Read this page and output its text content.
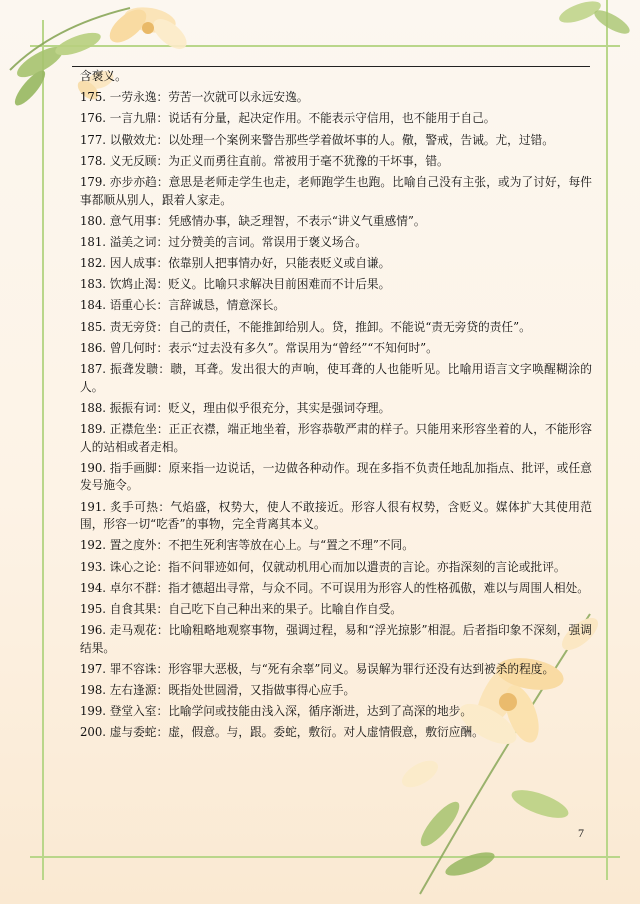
含褒义。
175. 一劳永逸：劳苦一次就可以永远安逸。
176. 一言九鼎：说话有分量，起决定作用。不能表示守信用，也不能用于自己。
177. 以儆效尤：以处理一个案例来警告那些学着做坏事的人。儆，警戒，告诫。尤，过错。
178. 义无反顾：为正义而勇往直前。常被用于毫不犹豫的干坏事，错。
179. 亦步亦趋：意思是老师走学生也走，老师跑学生也跑。比喻自己没有主张，或为了讨好，每件事都顺从别人，跟着人家走。
180. 意气用事：凭感情办事，缺乏理智，不表示“讲义气重感情”。
181. 溢美之词：过分赞美的言词。常误用于褒义场合。
182. 因人成事：依靠别人把事情办好，只能表贬义或自谦。
183. 饮鸩止渴：贬义。比喻只求解决目前困难而不计后果。
184. 语重心长：言辞诚恳，情意深长。
185. 责无旁贷：自己的责任，不能推卸给别人。贷，推卸。不能说“责无旁贷的责任”。
186. 曾几何时：表示“过去没有多久”。常误用为“曾经”“不知何时”。
187. 振聋发聩：聩，耳聋。发出很大的声响，使耳聋的人也能听见。比喻用语言文字唤醒糊涂的人。
188. 振振有词：贬义，理由似乎很充分，其实是强词夺理。
189. 正襟危坐：正正衣襟，端正地坐着，形容恭敬严肃的样子。只能用来形容坐着的人，不能形容人的站相或者走相。
190. 指手画脚：原来指一边说话，一边做各种动作。现在多指不负责任地乱加指点、批评，或任意发号施令。
191. 炙手可热：气焰盛，权势大，使人不敢接近。形容人很有权势，含贬义。媒体扩大其使用范围，形容一切“吃香”的事物，完全背离其本义。
192. 置之度外：不把生死利害等放在心上。与“置之不理”不同。
193. 诛心之论：指不问罪迹如何，仅就动机用心而加以遣责的言论。亦指深刻的言论或批评。
194. 卓尔不群：指才德超出寻常，与众不同。不可误用为形容人的性格孤傲，难以与周围人相处。
195. 自食其果：自己吃下自己种出来的果子。比喻自作自受。
196. 走马观花：比喻粗略地观察事物，强调过程，易和“浮光掠影”相混。后者指印象不深刻，强调结果。
197. 罪不容诛：形容罪大恶极，与“死有余辜”同义。易误解为罪行还没有达到被杀的程度。
198. 左右逢源：既指处世圆滑，又指做事得心应手。
199. 登堂入室：比喻学问或技能由浅入深，循序渐进，达到了高深的地步。
200. 虚与委蛇：虚，假意。与，跟。委蛇，敷衍。对人虚情假意，敷衍应酬。
7
